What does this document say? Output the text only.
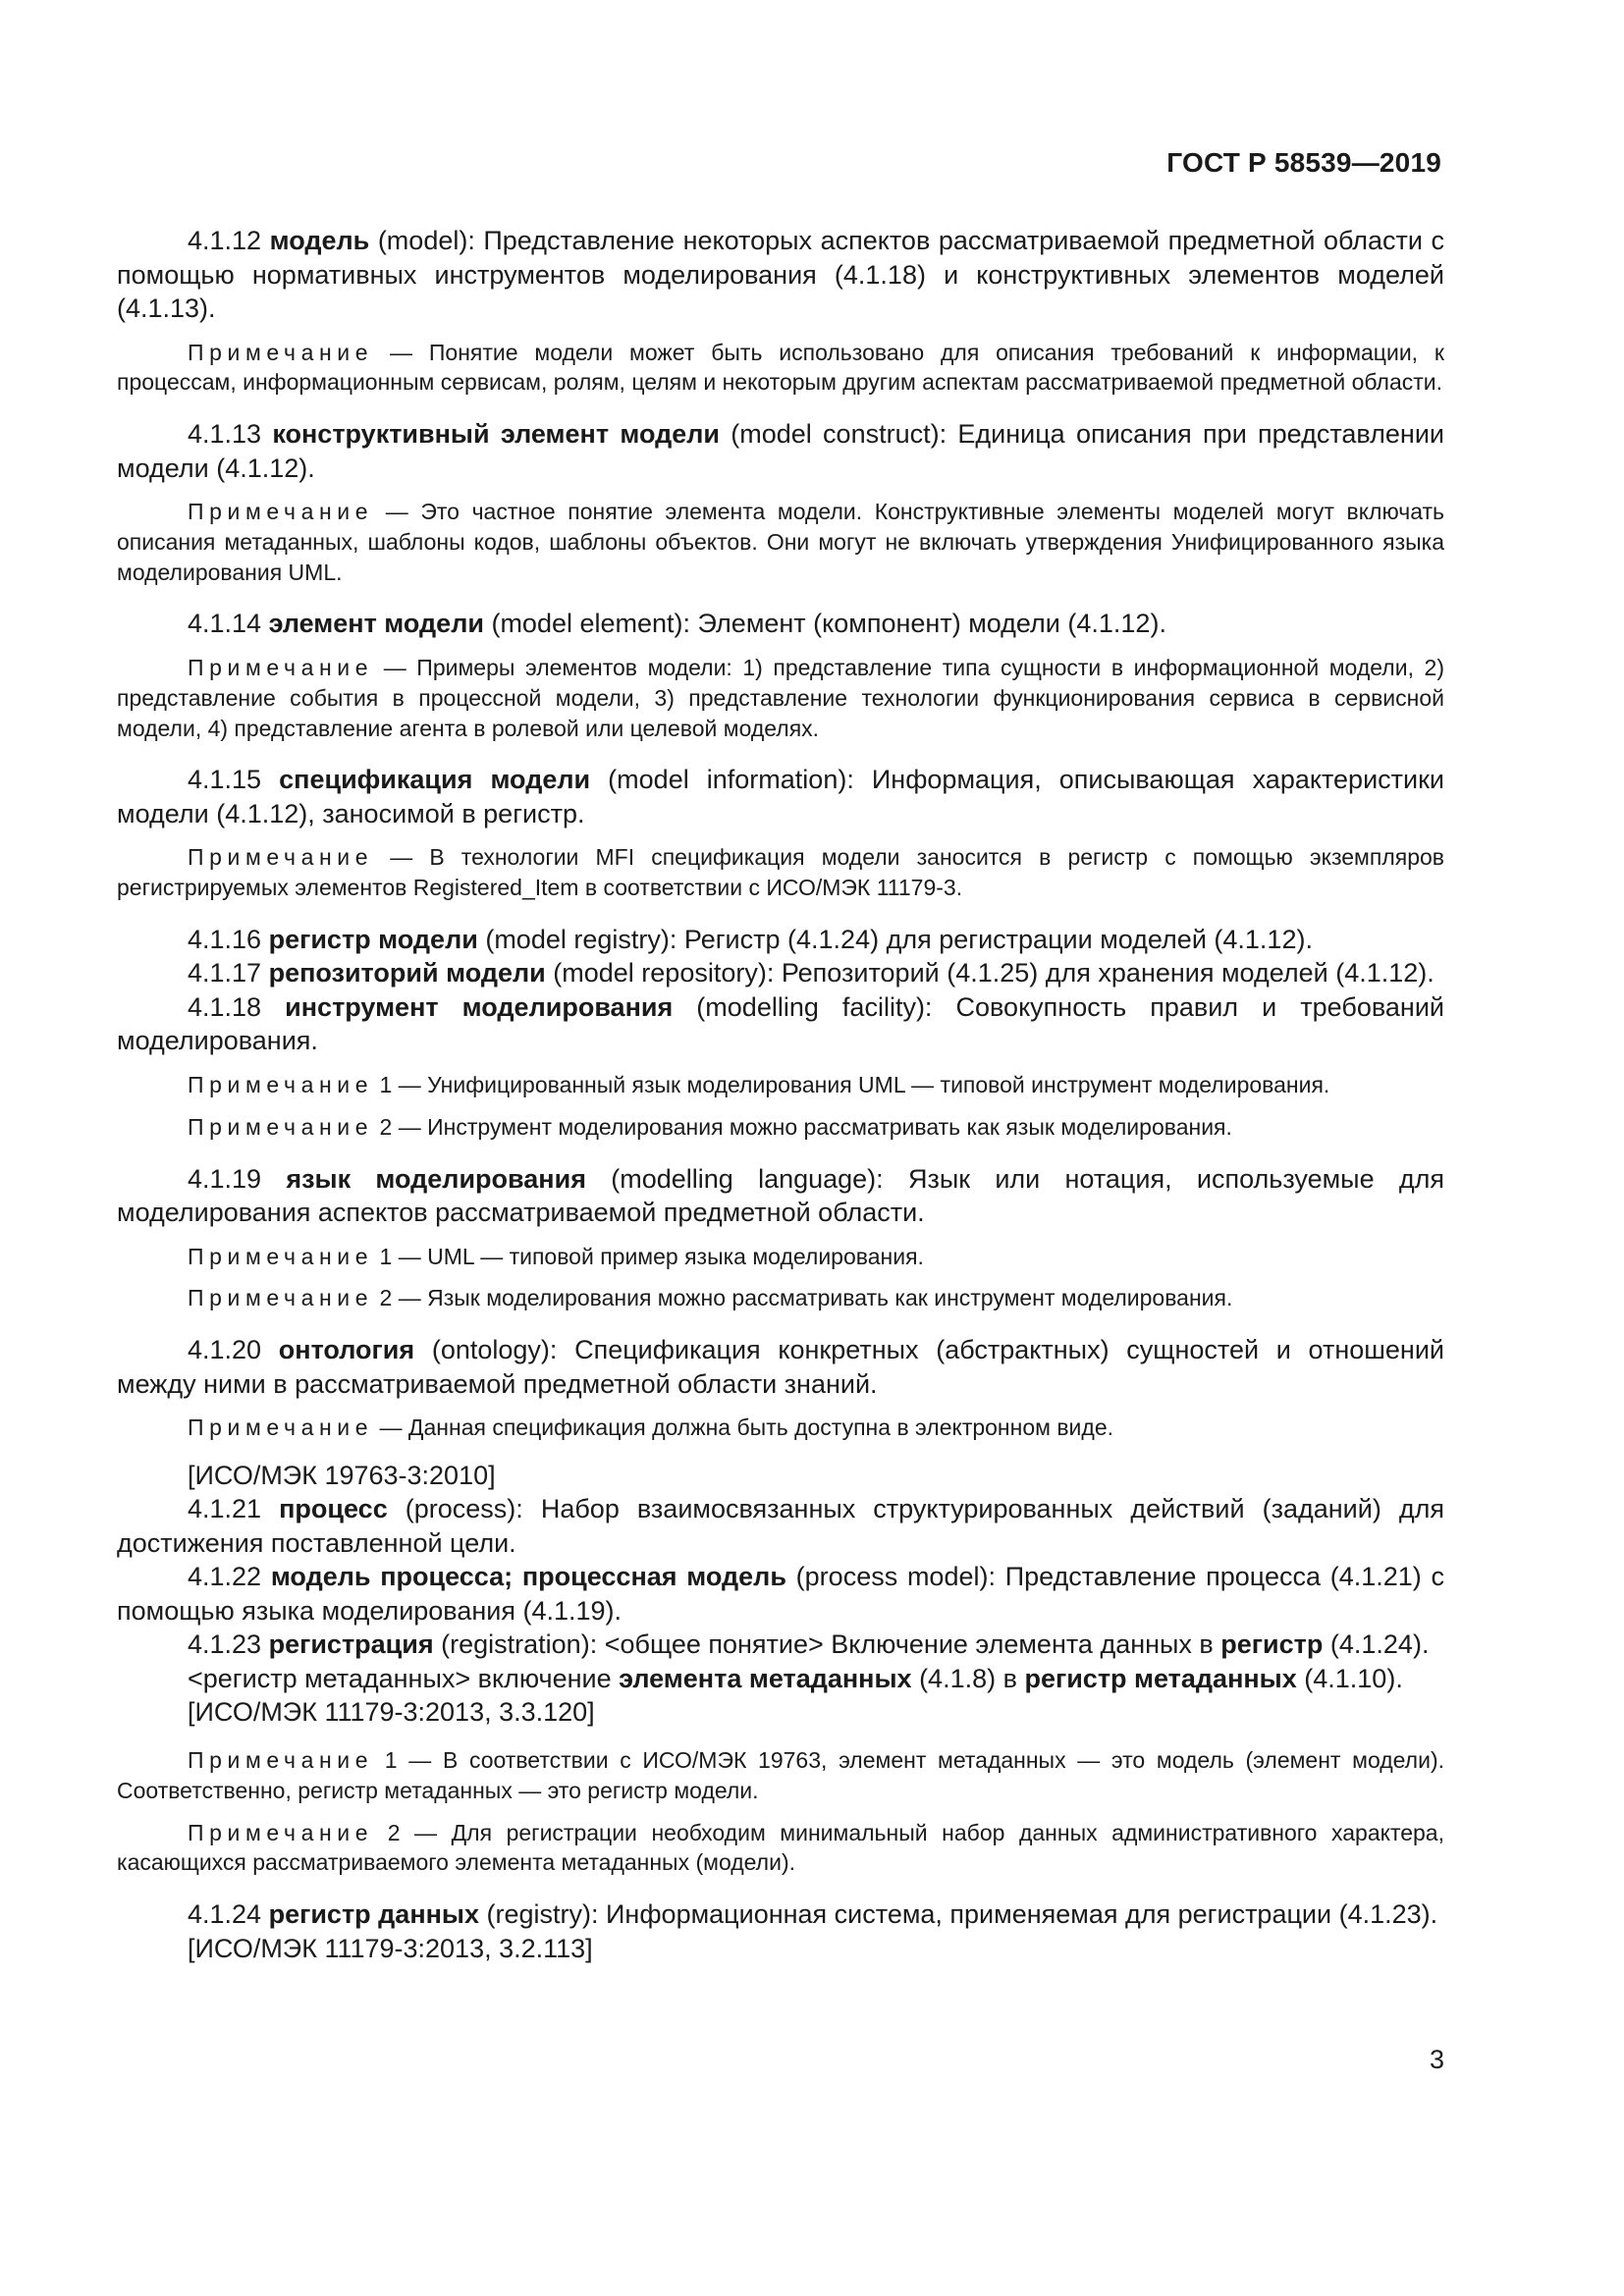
ГОСТ Р 58539—2019

4.1.12 модель (model): Представление некоторых аспектов рассматриваемой предметной области с помощью нормативных инструментов моделирования (4.1.18) и конструктивных элементов моделей (4.1.13).

Примечание — Понятие модели может быть использовано для описания требований к информации, к процессам, информационным сервисам, ролям, целям и некоторым другим аспектам рассматриваемой предметной области.

4.1.13 конструктивный элемент модели (model construct): Единица описания при представлении модели (4.1.12).

Примечание — Это частное понятие элемента модели. Конструктивные элементы моделей могут включать описания метаданных, шаблоны кодов, шаблоны объектов. Они могут не включать утверждения Унифицированного языка моделирования UML.

4.1.14 элемент модели (model element): Элемент (компонент) модели (4.1.12).

Примечание — Примеры элементов модели: 1) представление типа сущности в информационной модели, 2) представление события в процессной модели, 3) представление технологии функционирования сервиса в сервисной модели, 4) представление агента в ролевой или целевой моделях.

4.1.15 спецификация модели (model information): Информация, описывающая характеристики модели (4.1.12), заносимой в регистр.

Примечание — В технологии MFI спецификация модели заносится в регистр с помощью экземпляров регистрируемых элементов Registered_Item в соответствии с ИСО/МЭК 11179-3.

4.1.16 регистр модели (model registry): Регистр (4.1.24) для регистрации моделей (4.1.12).

4.1.17 репозиторий модели (model repository): Репозиторий (4.1.25) для хранения моделей (4.1.12).

4.1.18 инструмент моделирования (modelling facility): Совокупность правил и требований моделирования.

Примечание 1 — Унифицированный язык моделирования UML — типовой инструмент моделирования.

Примечание 2 — Инструмент моделирования можно рассматривать как язык моделирования.

4.1.19 язык моделирования (modelling language): Язык или нотация, используемые для моделирования аспектов рассматриваемой предметной области.

Примечание 1 — UML — типовой пример языка моделирования.

Примечание 2 — Язык моделирования можно рассматривать как инструмент моделирования.

4.1.20 онтология (ontology): Спецификация конкретных (абстрактных) сущностей и отношений между ними в рассматриваемой предметной области знаний.

Примечание — Данная спецификация должна быть доступна в электронном виде.

[ИСО/МЭК 19763-3:2010]

4.1.21 процесс (process): Набор взаимосвязанных структурированных действий (заданий) для достижения поставленной цели.

4.1.22 модель процесса; процессная модель (process model): Представление процесса (4.1.21) с помощью языка моделирования (4.1.19).

4.1.23 регистрация (registration): <общее понятие> Включение элемента данных в регистр (4.1.24).

<регистр метаданных> включение элемента метаданных (4.1.8) в регистр метаданных (4.1.10).

[ИСО/МЭК 11179-3:2013, 3.3.120]

Примечание 1 — В соответствии с ИСО/МЭК 19763, элемент метаданных — это модель (элемент модели). Соответственно, регистр метаданных — это регистр модели.

Примечание 2 — Для регистрации необходим минимальный набор данных административного характера, касающихся рассматриваемого элемента метаданных (модели).

4.1.24 регистр данных (registry): Информационная система, применяемая для регистрации (4.1.23).

[ИСО/МЭК 11179-3:2013, 3.2.113]

3
